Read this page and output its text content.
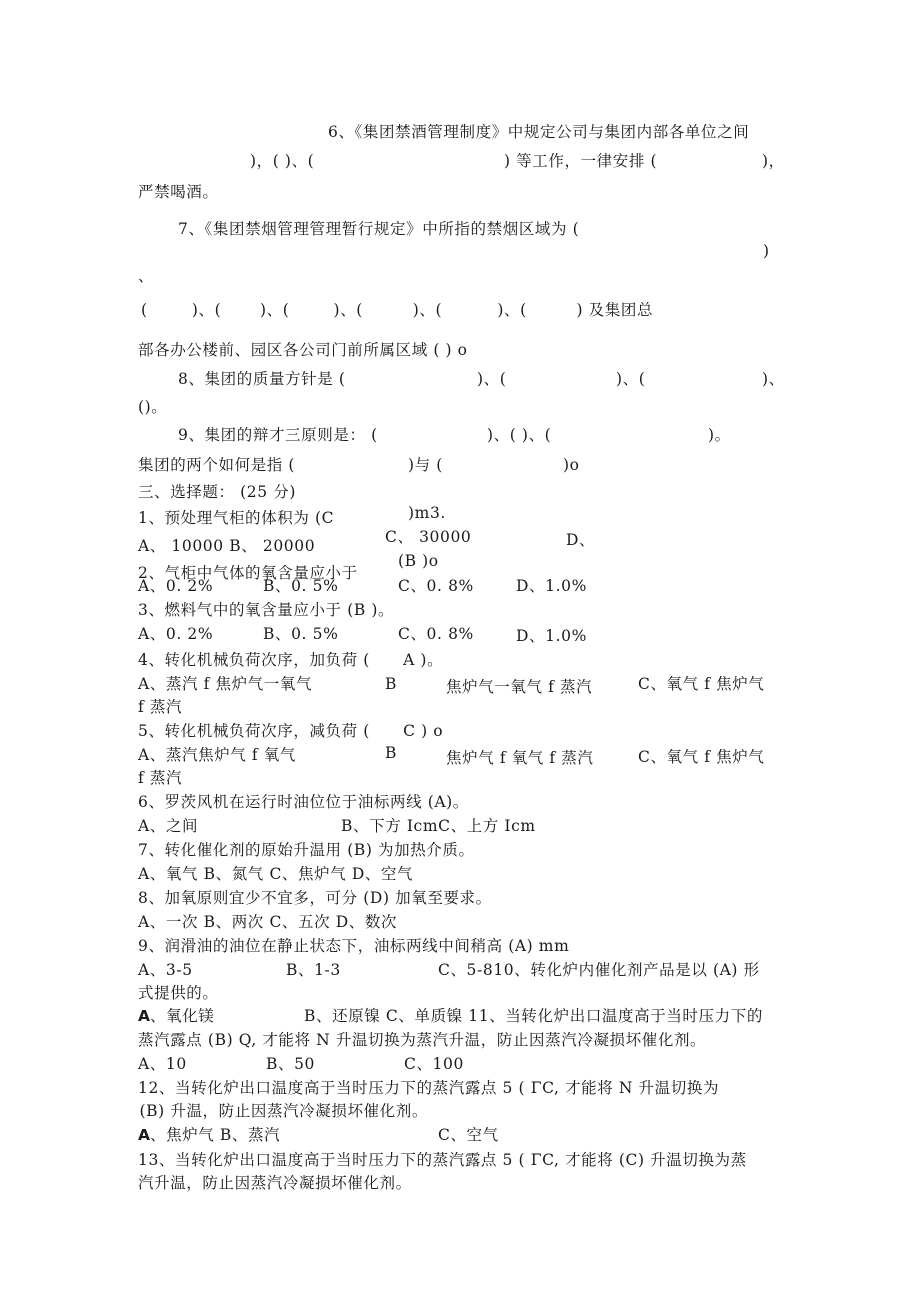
6、《集团禁酒管理制度》中规定公司与集团内部各单位之间
)，( )、(	) 等工作，一律安排 (	)，
严禁喝酒。
7、《集团禁烟管理管理暂行规定》中所指的禁烟区域为 (
)
、
(        )、(       )、(        )、(         )、(          )、(         ) 及集团总
部各办公楼前、园区各公司门前所属区域 ( ) o
8、集团的质量方针是 (	)、(	)、(	)、
()。
9、集团的辩才三原则是： (	)、( )、(	)。
集团的两个如何是指 (	)与 (	)o
三、选择题： (25 分)
1、预处理气柜的体积为 (C	)m3.
A、 10000 B、 20000	C、 30000	D、
(B )o
2、气柜中气体的氧含量应小于
A、0. 2%	B、0. 5%	C、0. 8%	D、1.0%
3、燃料气中的氧含量应小于 (B )。
A、0. 2%	B、0. 5%	C、0. 8%	D、1.0%
4、转化机械负荷次序，加负荷 (      A )。
A、蒸汽 f 焦炉气一氧气	B	焦炉气一氧气 f 蒸汽	C、氧气 f 焦炉气
f 蒸汽
5、转化机械负荷次序，减负荷 (      C ) o
A、蒸汽焦炉气 f 氧气	B	焦炉气 f 氧气 f 蒸汽	C、氧气 f 焦炉气
f 蒸汽
6、罗茨风机在运行时油位位于油标两线 (A)。
A、之间	B、下方 IcmC、上方 Icm
7、转化催化剂的原始升温用 (B) 为加热介质。
A、氧气 B、氮气 C、焦炉气 D、空气
8、加氧原则宜少不宜多，可分 (D) 加氧至要求。
A、一次 B、两次 C、五次 D、数次
9、润滑油的油位在静止状态下，油标两线中间稍高 (A) mm
A、3-5	B、1-3	C、5-810、转化炉内催化剂产品是以 (A) 形
式提供的。
A 、氧化镁	B、还原镍 C、单质镍 11、当转化炉出口温度高于当时压力下的
蒸汽露点 (B) Q, 才能将 N 升温切换为蒸汽升温，防止因蒸汽冷凝损坏催化剂。
A、10	B、50	C、100
12、当转化炉出口温度高于当时压力下的蒸汽露点 5 ( ΓC, 才能将 N 升温切换为
(B) 升温，防止因蒸汽冷凝损坏催化剂。
A 、焦炉气 B、蒸汽	C、空气
13、当转化炉出口温度高于当时压力下的蒸汽露点 5 ( ΓC, 才能将 (C) 升温切换为蒸
汽升温，防止因蒸汽冷凝损坏催化剂。
